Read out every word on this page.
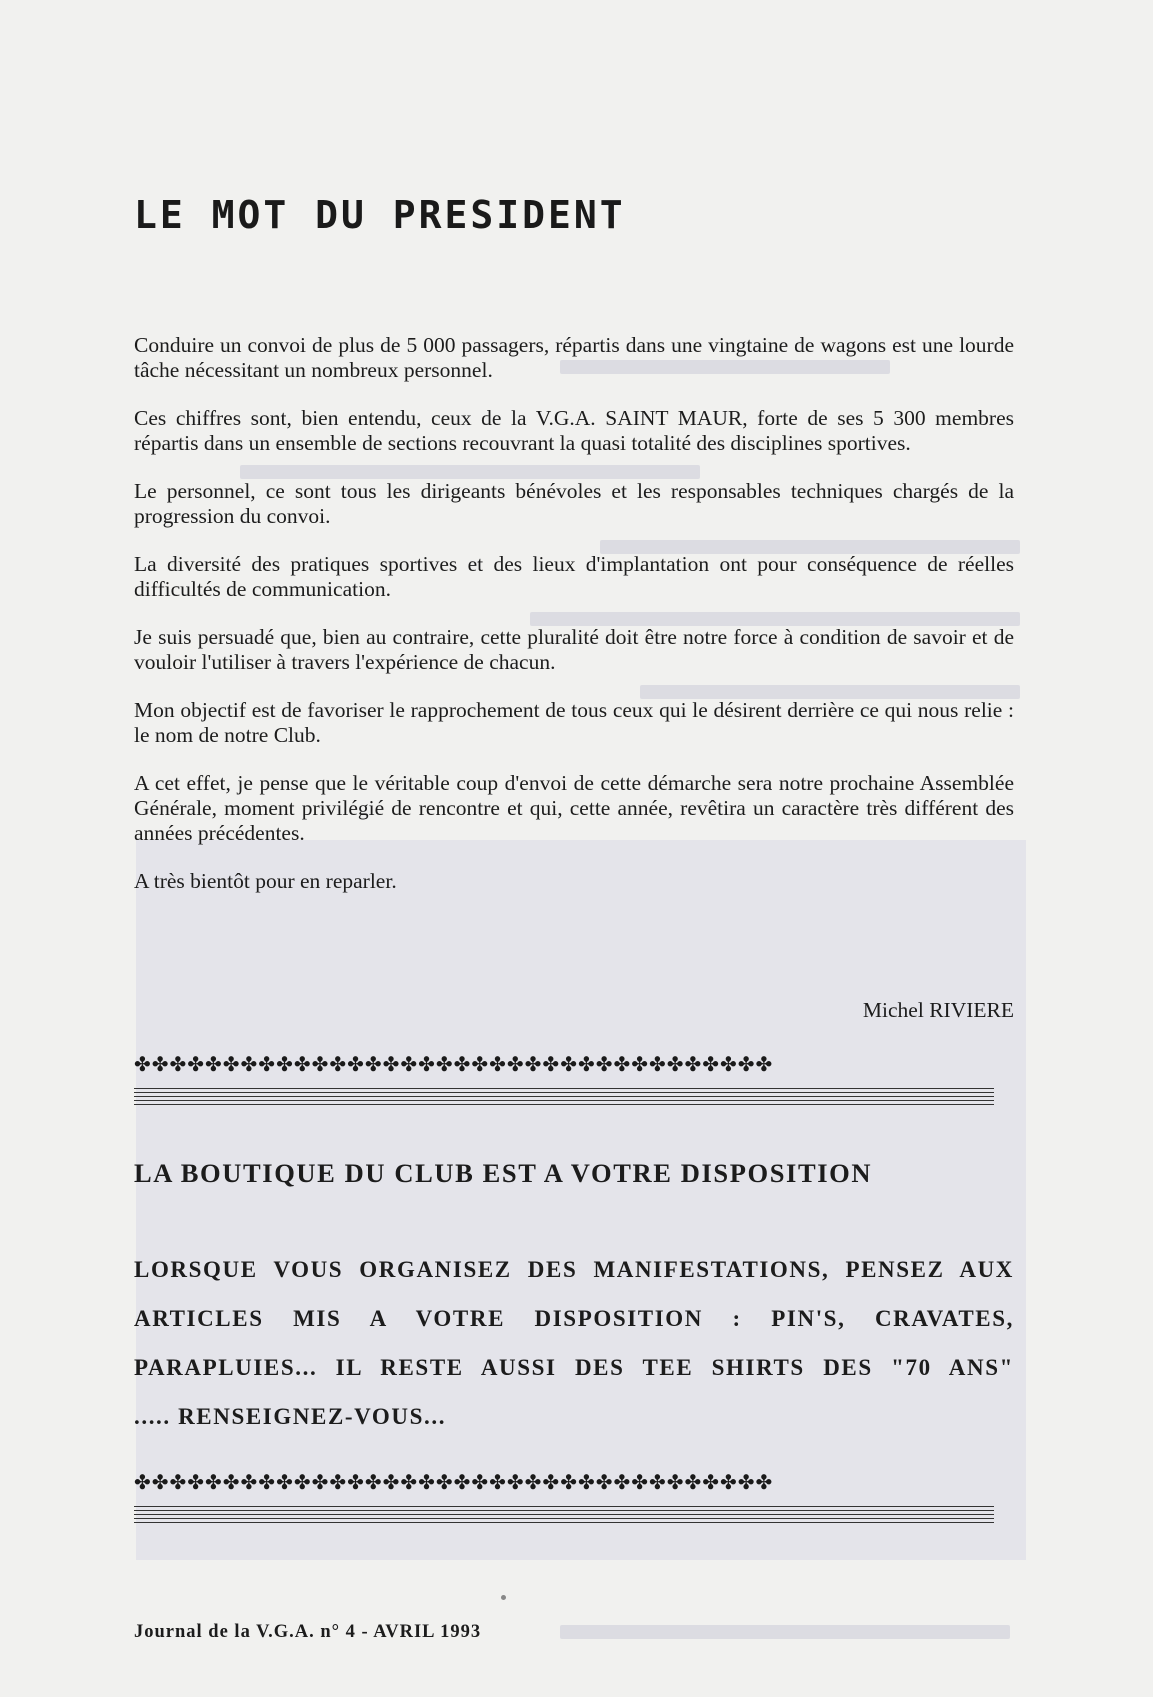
LE MOT DU PRESIDENT

Conduire un convoi de plus de 5 000 passagers, répartis dans une vingtaine de wagons est une lourde tâche nécessitant un nombreux personnel.

Ces chiffres sont, bien entendu, ceux de la V.G.A. SAINT MAUR, forte de ses 5 300 membres répartis dans un ensemble de sections recouvrant la quasi totalité des disciplines sportives.

Le personnel, ce sont tous les dirigeants bénévoles et les responsables techniques chargés de la progression du convoi.

La diversité des pratiques sportives et des lieux d'implantation ont pour conséquence de réelles difficultés de communication.

Je suis persuadé que, bien au contraire, cette pluralité doit être notre force à condition de savoir et de vouloir l'utiliser à travers l'expérience de chacun.

Mon objectif est de favoriser le rapprochement de tous ceux qui le désirent derrière ce qui nous relie : le nom de notre Club.

A cet effet, je pense que le véritable coup d'envoi de cette démarche sera notre prochaine Assemblée Générale, moment privilégié de rencontre et qui, cette année, revêtira un caractère très différent des années précédentes.

A très bientôt pour en reparler.

Michel RIVIERE
✤✤✤✤✤✤✤✤✤✤✤✤✤✤✤✤✤✤✤✤✤✤✤✤✤✤✤✤✤✤✤✤✤✤✤✤
LA BOUTIQUE DU CLUB EST A VOTRE DISPOSITION
LORSQUE VOUS ORGANISEZ DES MANIFESTATIONS, PENSEZ AUX
ARTICLES MIS A VOTRE DISPOSITION : PIN'S, CRAVATES,
PARAPLUIES... IL RESTE AUSSI DES TEE SHIRTS DES "70 ANS"
..... RENSEIGNEZ-VOUS...
✤✤✤✤✤✤✤✤✤✤✤✤✤✤✤✤✤✤✤✤✤✤✤✤✤✤✤✤✤✤✤✤✤✤✤✤
Journal de la V.G.A. n° 4 - AVRIL 1993
